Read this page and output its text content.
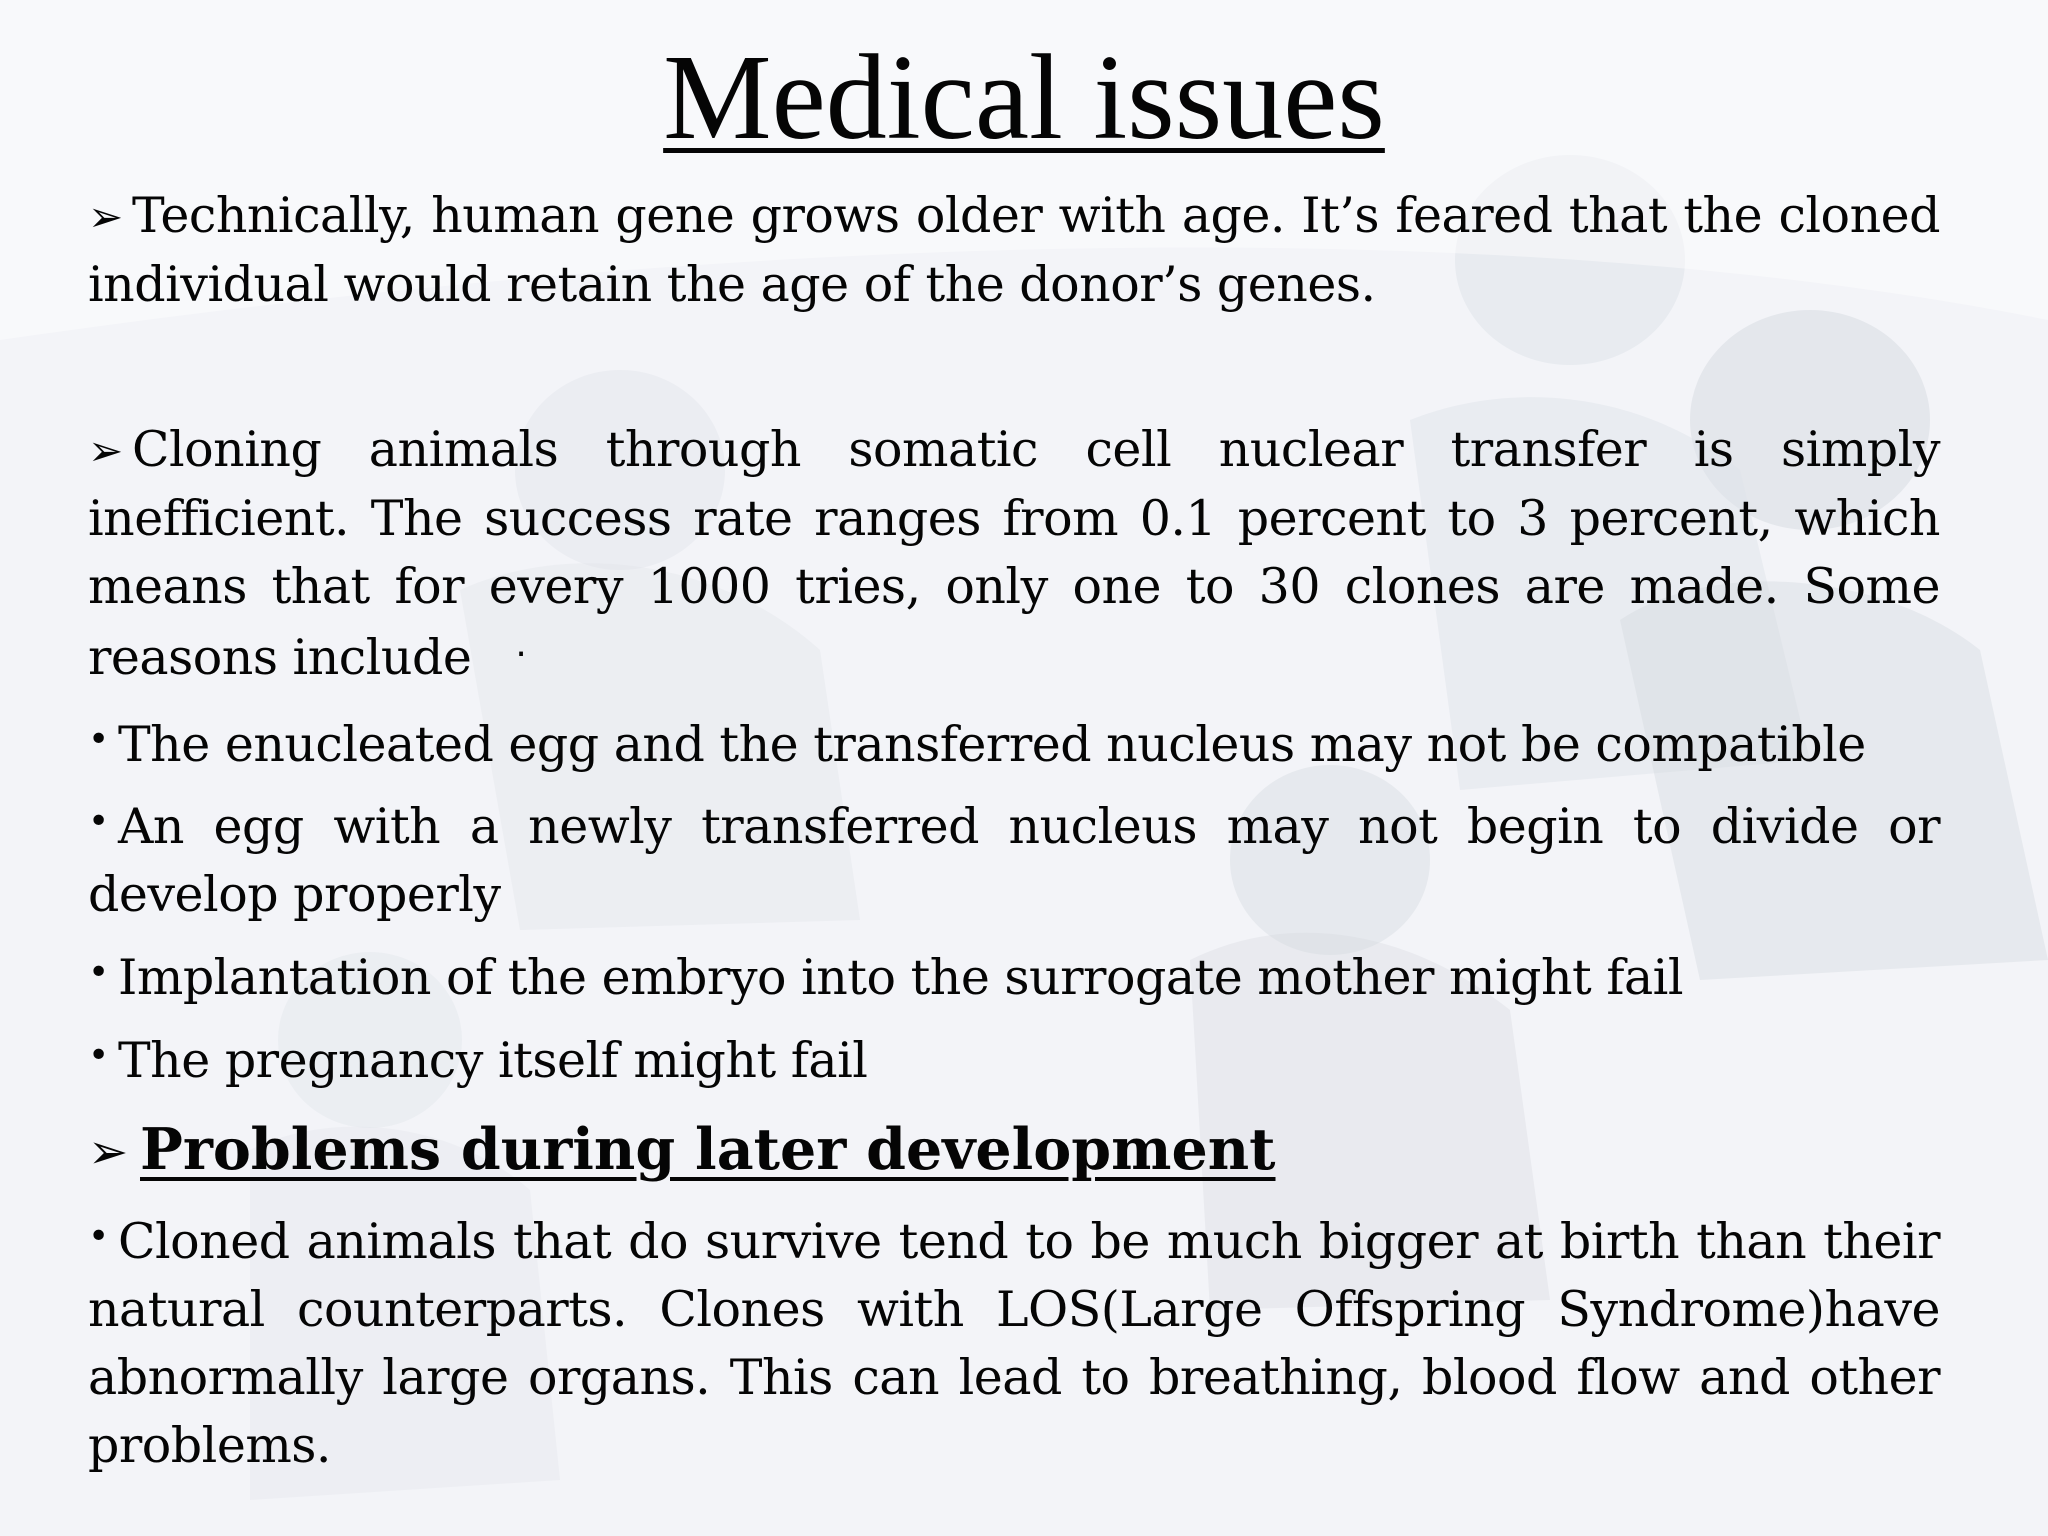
Medical issues

➢ Technically, human gene grows older with age. It’s feared that the cloned individual would retain the age of the donor’s genes.

➢ Cloning animals through somatic cell nuclear transfer is simply inefficient. The success rate ranges from 0.1 percent to 3 percent, which means that for every 1000 tries, only one to 30 clones are made. Some reasons include ·

• The enucleated egg and the transferred nucleus may not be compatible

• An egg with a newly transferred nucleus may not begin to divide or develop properly

• Implantation of the embryo into the surrogate mother might fail

• The pregnancy itself might fail

➢ Problems during later development

• Cloned animals that do survive tend to be much bigger at birth than their natural counterparts. Clones with LOS(Large Offspring Syndrome)have abnormally large organs. This can lead to breathing, blood flow and other problems.
